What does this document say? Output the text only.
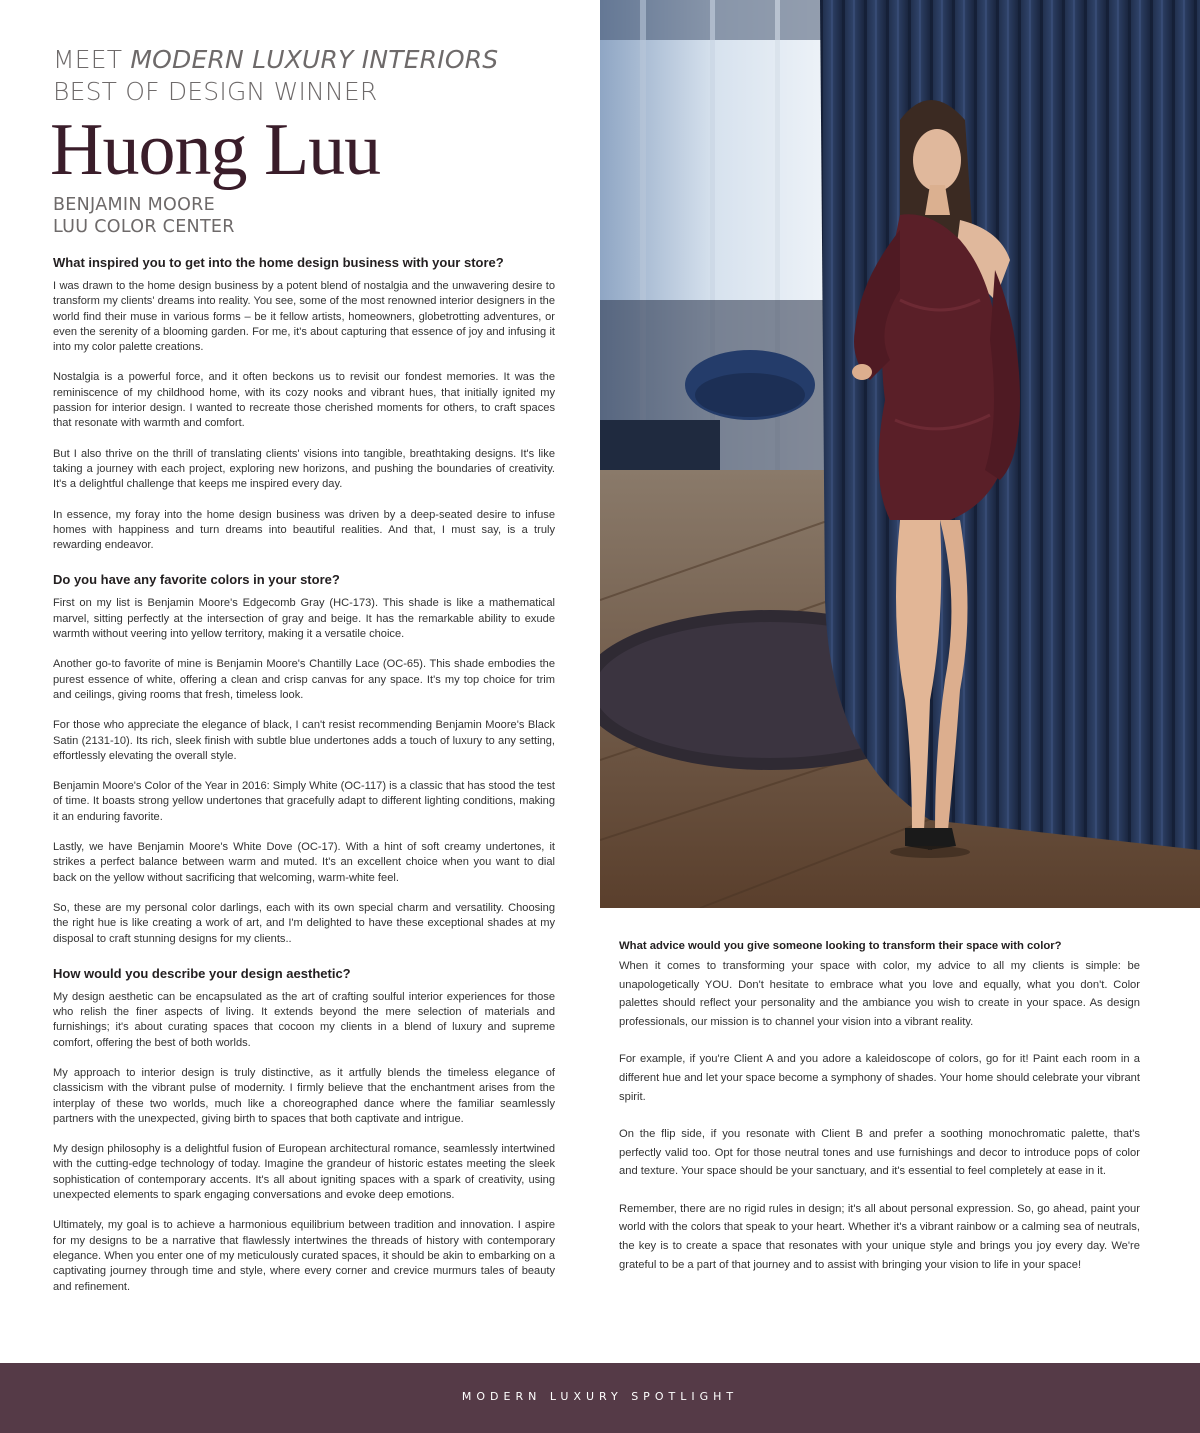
MEET MODERN LUXURY INTERIORS

BEST OF DESIGN WINNER

Huong Luu

BENJAMIN MOORE

LUU COLOR CENTER

What inspired you to get into the home design business with your store?

I was drawn to the home design business by a potent blend of nostalgia and the unwavering desire to transform my clients' dreams into reality. You see, some of the most renowned interior designers in the world find their muse in various forms – be it fellow artists, homeowners, globetrotting adventures, or even the serenity of a blooming garden. For me, it's about capturing that essence of joy and infusing it into my color palette creations.

Nostalgia is a powerful force, and it often beckons us to revisit our fondest memories. It was the reminiscence of my childhood home, with its cozy nooks and vibrant hues, that initially ignited my passion for interior design. I wanted to recreate those cherished moments for others, to craft spaces that resonate with warmth and comfort.

But I also thrive on the thrill of translating clients' visions into tangible, breathtaking designs. It's like taking a journey with each project, exploring new horizons, and pushing the boundaries of creativity. It's a delightful challenge that keeps me inspired every day.

In essence, my foray into the home design business was driven by a deep-seated desire to infuse homes with happiness and turn dreams into beautiful realities. And that, I must say, is a truly rewarding endeavor.

Do you have any favorite colors in your store?

First on my list is Benjamin Moore's Edgecomb Gray (HC-173). This shade is like a mathematical marvel, sitting perfectly at the intersection of gray and beige. It has the remarkable ability to exude warmth without veering into yellow territory, making it a versatile choice.

Another go-to favorite of mine is Benjamin Moore's Chantilly Lace (OC-65). This shade embodies the purest essence of white, offering a clean and crisp canvas for any space. It's my top choice for trim and ceilings, giving rooms that fresh, timeless look.

For those who appreciate the elegance of black, I can't resist recommending Benjamin Moore's Black Satin (2131-10). Its rich, sleek finish with subtle blue undertones adds a touch of luxury to any setting, effortlessly elevating the overall style.

Benjamin Moore's Color of the Year in 2016: Simply White (OC-117) is a classic that has stood the test of time. It boasts strong yellow undertones that gracefully adapt to different lighting conditions, making it an enduring favorite.

Lastly, we have Benjamin Moore's White Dove (OC-17). With a hint of soft creamy undertones, it strikes a perfect balance between warm and muted. It's an excellent choice when you want to dial back on the yellow without sacrificing that welcoming, warm-white feel.

So, these are my personal color darlings, each with its own special charm and versatility. Choosing the right hue is like creating a work of art, and I'm delighted to have these exceptional shades at my disposal to craft stunning designs for my clients..

How would you describe your design aesthetic?

My design aesthetic can be encapsulated as the art of crafting soulful interior experiences for those who relish the finer aspects of living. It extends beyond the mere selection of materials and furnishings; it's about curating spaces that cocoon my clients in a blend of luxury and supreme comfort, offering the best of both worlds.

My approach to interior design is truly distinctive, as it artfully blends the timeless elegance of classicism with the vibrant pulse of modernity. I firmly believe that the enchantment arises from the interplay of these two worlds, much like a choreographed dance where the familiar seamlessly partners with the unexpected, giving birth to spaces that both captivate and intrigue.

My design philosophy is a delightful fusion of European architectural romance, seamlessly intertwined with the cutting-edge technology of today. Imagine the grandeur of historic estates meeting the sleek sophistication of contemporary accents. It's all about igniting spaces with a spark of creativity, using unexpected elements to spark engaging conversations and evoke deep emotions.

Ultimately, my goal is to achieve a harmonious equilibrium between tradition and innovation. I aspire for my designs to be a narrative that flawlessly intertwines the threads of history with contemporary elegance. When you enter one of my meticulously curated spaces, it should be akin to embarking on a captivating journey through time and style, where every corner and crevice murmurs tales of beauty and refinement.

What advice would you give someone looking to transform their space with color?

When it comes to transforming your space with color, my advice to all my clients is simple: be unapologetically YOU. Don't hesitate to embrace what you love and equally, what you don't. Color palettes should reflect your personality and the ambiance you wish to create in your space. As design professionals, our mission is to channel your vision into a vibrant reality.

For example, if you're Client A and you adore a kaleidoscope of colors, go for it! Paint each room in a different hue and let your space become a symphony of shades. Your home should celebrate your vibrant spirit.

On the flip side, if you resonate with Client B and prefer a soothing monochromatic palette, that's perfectly valid too. Opt for those neutral tones and use furnishings and decor to introduce pops of color and texture. Your space should be your sanctuary, and it's essential to feel completely at ease in it.

Remember, there are no rigid rules in design; it's all about personal expression. So, go ahead, paint your world with the colors that speak to your heart. Whether it's a vibrant rainbow or a calming sea of neutrals, the key is to create a space that resonates with your unique style and brings you joy every day. We're grateful to be a part of that journey and to assist with bringing your vision to life in your space!

MODERN LUXURY SPOTLIGHT
